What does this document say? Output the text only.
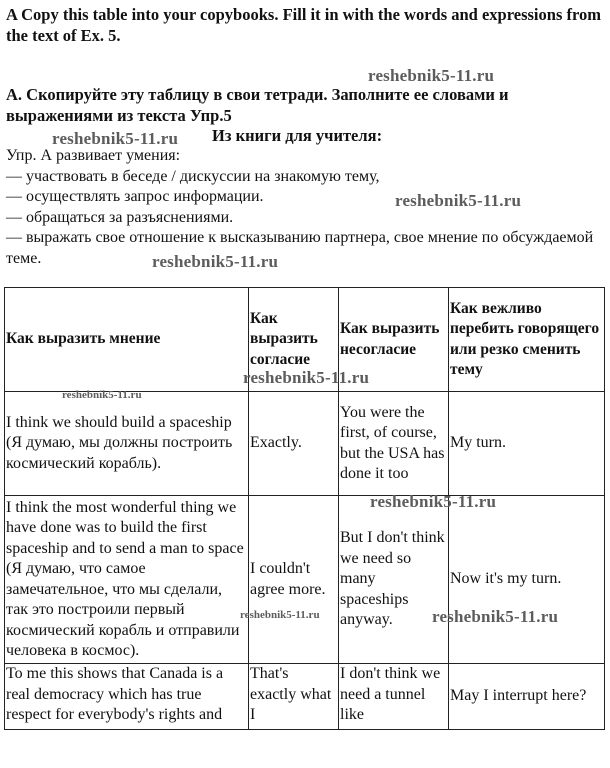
A Copy this table into your copybooks. Fill it in with the words and expressions from the text of Ex. 5.
А. Скопируйте эту таблицу в свои тетради. Заполните ее словами и выражениями из текста Упр.5
Из книги для учителя:
Упр. А развивает умения:
— участвовать в беседе / дискуссии на знакомую тему,
— осуществлять запрос информации.
— обращаться за разъяснениями.
— выражать свое отношение к высказыванию партнера, свое мнение по обсуждаемой теме.
Как выразить мнение	Как выразить согласие	Как выразить несогласие	Как вежливо перебить говорящего или резко сменить тему
I think we should build a spaceship (Я думаю, мы должны построить космический корабль).	Exactly.	You were the first, of course, but the USA has done it too	My turn.
I think the most wonderful thing we have done was to build the first spaceship and to send a man to space (Я думаю, что самое замечательное, что мы сделали, так это построили первый космический корабль и отправили человека в космос).	I couldn't agree more.	But I don't think we need so many spaceships anyway.	Now it's my turn.

To me this shows that Canada is a real democracy which has true respect for everybody's rights and	That's exactly what I	I don't think we need a tunnel like	May I interrupt here?
reshebnik5-11.ru
reshebnik5-11.ru
reshebnik5-11.ru
reshebnik5-11.ru
reshebnik5-11.ru
reshebnik5-11.ru
reshebnik5-11.ru
reshebnik5-11.ru	reshebnik5-11.ru
